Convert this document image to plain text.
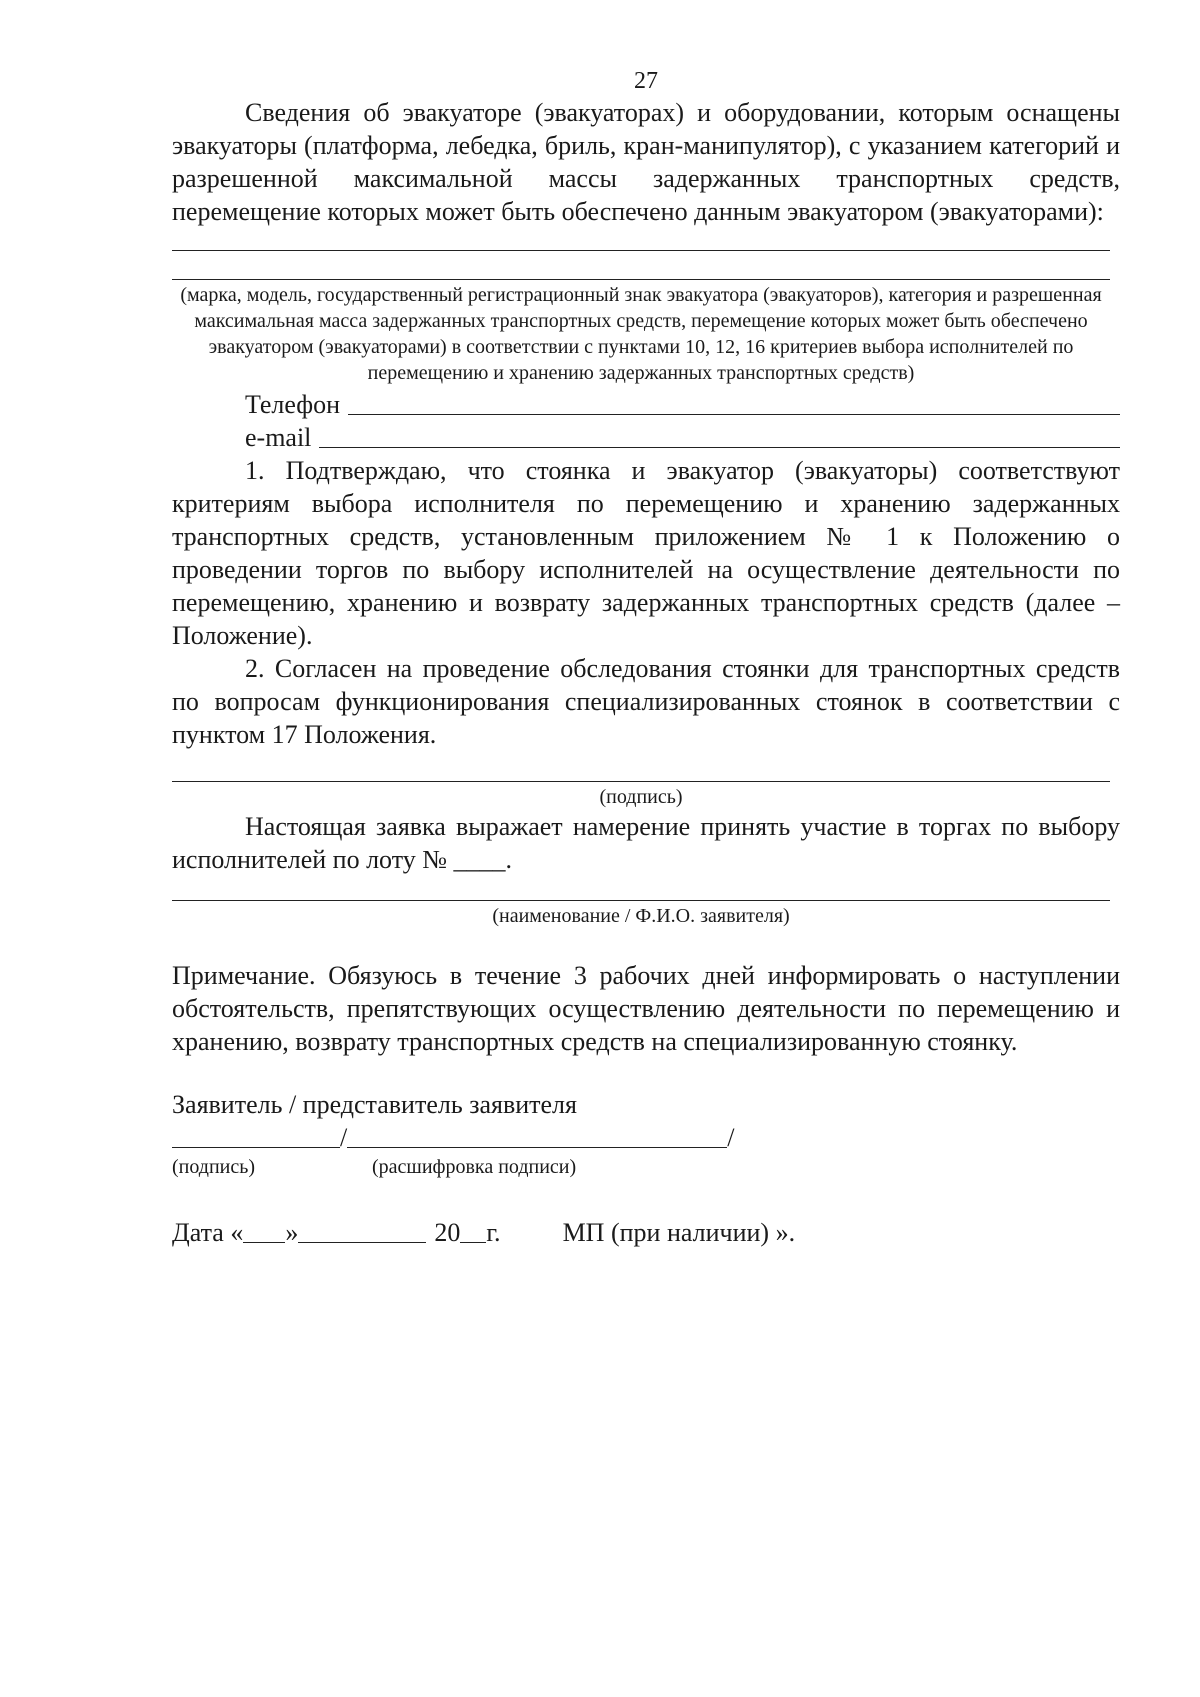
27

Сведения об эвакуаторе (эвакуаторах) и оборудовании, которым оснащены эвакуаторы (платформа, лебедка, бриль, кран-манипулятор), с указанием категорий и разрешенной максимальной массы задержанных транспортных средств, перемещение которых может быть обеспечено данным эвакуатором (эвакуаторами):

(марка, модель, государственный регистрационный знак эвакуатора (эвакуаторов), категория и разрешенная максимальная масса задержанных транспортных средств, перемещение которых может быть обеспечено эвакуатором (эвакуаторами) в соответствии с пунктами 10, 12, 16 критериев выбора исполнителей по перемещению и хранению задержанных транспортных средств)

Телефон
e-mail

1. Подтверждаю, что стоянка и эвакуатор (эвакуаторы) соответствуют критериям выбора исполнителя по перемещению и хранению задержанных транспортных средств, установленным приложением № 1 к Положению о проведении торгов по выбору исполнителей на осуществление деятельности по перемещению, хранению и возврату задержанных транспортных средств (далее – Положение).

2. Согласен на проведение обследования стоянки для транспортных средств по вопросам функционирования специализированных стоянок в соответствии с пунктом 17 Положения.

(подпись)

Настоящая заявка выражает намерение принять участие в торгах по выбору исполнителей по лоту № ____.

(наименование / Ф.И.О. заявителя)

Примечание. Обязуюсь в течение 3 рабочих дней информировать о наступлении обстоятельств, препятствующих осуществлению деятельности по перемещению и хранению, возврату транспортных средств на специализированную стоянку.

Заявитель / представитель заявителя
/	/
(подпись)	(расшифровка подписи)
Дата « »	20 г. МП (при наличии) ».
